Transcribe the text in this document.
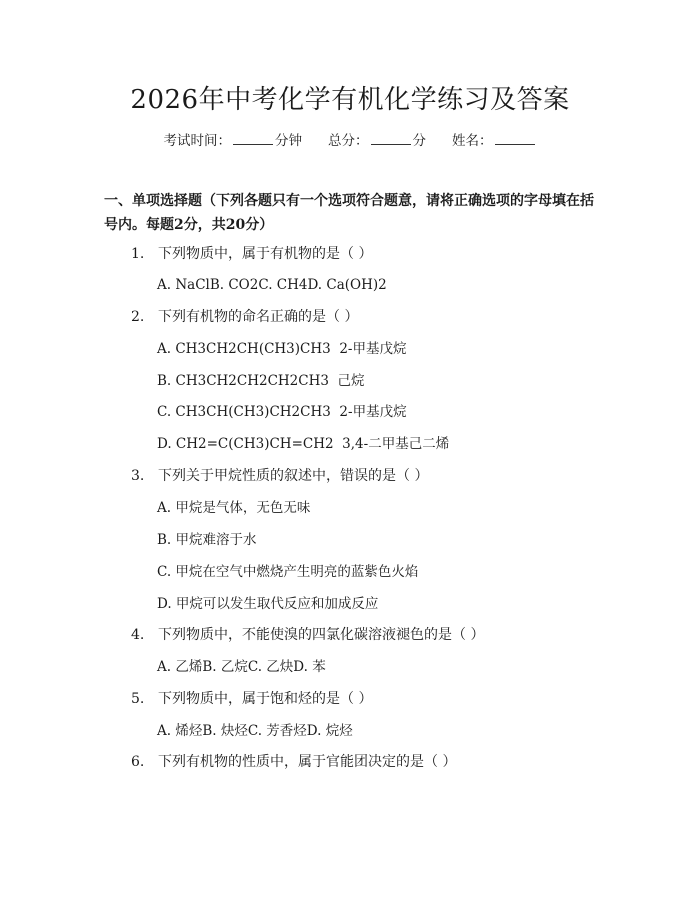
2026年中考化学有机化学练习及答案
考试时间：	分钟 总分：	分 姓名：
一、单项选择题（下列各题只有一个选项符合题意，请将正确选项的字母填在括号内。每题2分，共20分）
1. 下列物质中，属于有机物的是（ ）
A. NaClB. CO2C. CH4D. Ca(OH)2
2. 下列有机物的命名正确的是（ ）
A. CH3CH2CH(CH3)CH3  2-甲基戊烷
B. CH3CH2CH2CH2CH3  己烷
C. CH3CH(CH3)CH2CH3  2-甲基戊烷
D. CH2=C(CH3)CH=CH2  3,4-二甲基己二烯
3. 下列关于甲烷性质的叙述中，错误的是（ ）
A. 甲烷是气体，无色无味
B. 甲烷难溶于水
C. 甲烷在空气中燃烧产生明亮的蓝紫色火焰
D. 甲烷可以发生取代反应和加成反应
4. 下列物质中，不能使溴的四氯化碳溶液褪色的是（ ）
A. 乙烯B. 乙烷C. 乙炔D. 苯
5. 下列物质中，属于饱和烃的是（ ）
A. 烯烃B. 炔烃C. 芳香烃D. 烷烃
6. 下列有机物的性质中，属于官能团决定的是（ ）
